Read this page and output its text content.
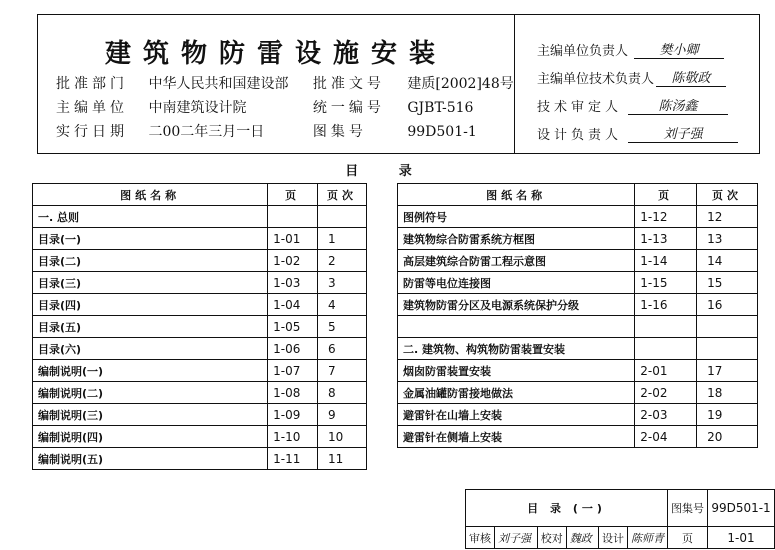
建筑物防雷设施安装
批准部门 中华人民共和国建设部 批准文号 建质[2002]48号
主编单位 中南建筑设计院	统一编号 GJBT-516
实行日期 二00二年三月一日	图集号	99D501-1
主编单位负责人 樊小卿
主编单位技术负责人 陈敬政
技术审定人	陈汤鑫
设计负责人	刘子强
目 录
图纸名称	页	页次
一. 总则		
目录(一)	1-01	1
目录(二)	1-02	2
目录(三)	1-03	3
目录(四)	1-04	4
目录(五)	1-05	5
目录(六)	1-06	6
编制说明(一)	1-07	7
编制说明(二)	1-08	8
编制说明(三)	1-09	9
编制说明(四)	1-10	10
编制说明(五)	1-11	11
图纸名称	页	页次
图例符号	1-12	12
建筑物综合防雷系统方框图	1-13	13
高层建筑综合防雷工程示意图	1-14	14
防雷等电位连接图	1-15	15
建筑物防雷分区及电源系统保护分级	1-16	16

二. 建筑物、构筑物防雷装置安装		
烟囱防雷装置安装	2-01	17
金属油罐防雷接地做法	2-02	18
避雷针在山墙上安装	2-03	19
避雷针在侧墙上安装	2-04	20
目 录 (一)						图集号	99D501-1
审核	刘子强	校对	魏政	设计	陈师青	页	1-01
